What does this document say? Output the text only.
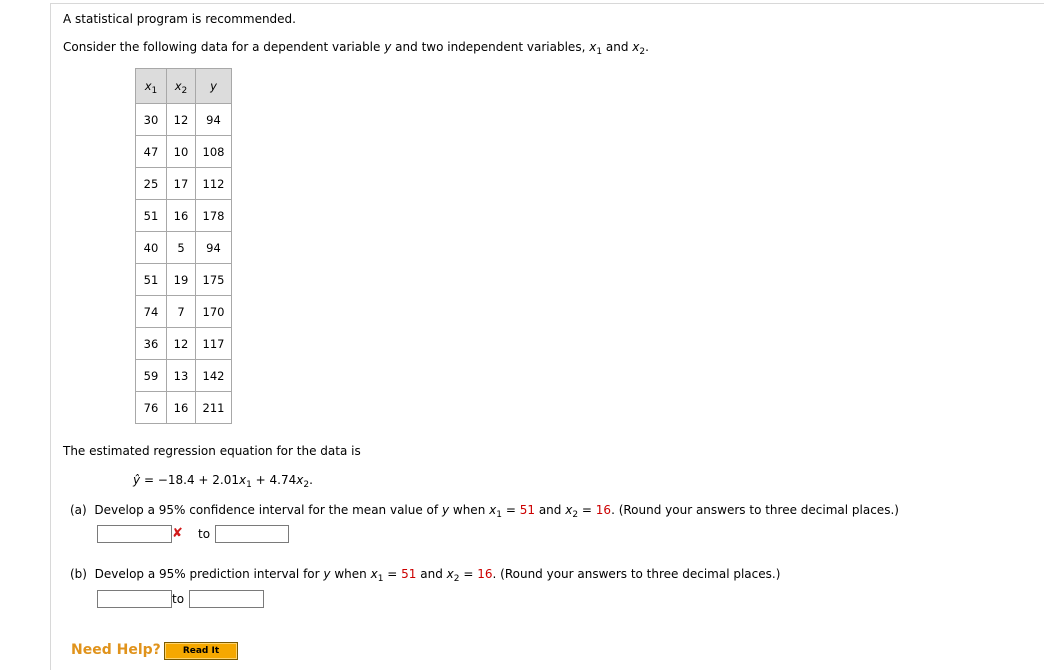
A statistical program is recommended.
Consider the following data for a dependent variable y and two independent variables, $x_1$ and $x_2$.
$x_1$	$x_2$	y
30	12	94
47	10	108
25	17	112
51	16	178
40	5	94
51	19	175
74	7	170
36	12	117
59	13	142
76	16	211
The estimated regression equation for the data is
ŷ = $-18.4 + 2.01x_1 + 4.74x_2$.
(a) Develop a 95% confidence interval for the mean value of y when $x_1 = 51$ and $x_2 = 16$. (Round your answers to three decimal places.)
✘ to
(b) Develop a 95% prediction interval for y when $x_1 = 51$ and $x_2 = 16$. (Round your answers to three decimal places.)
to
Need Help?	Read It
